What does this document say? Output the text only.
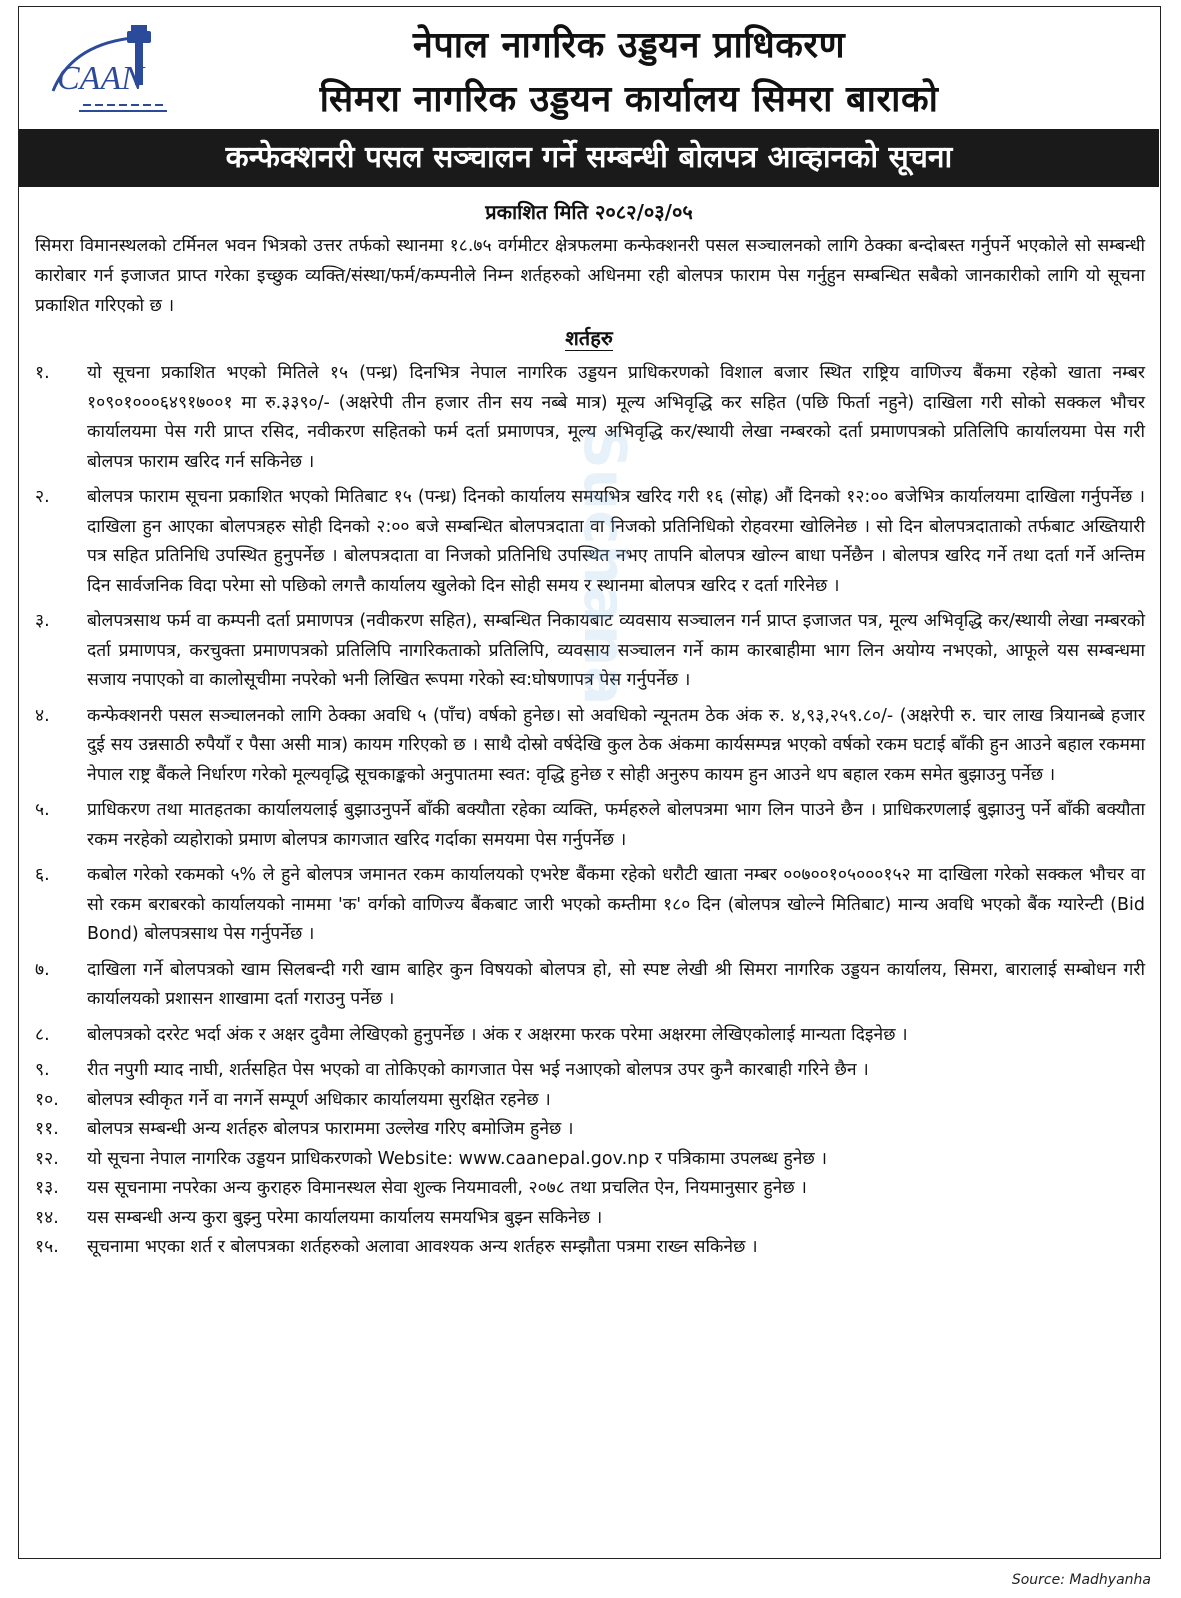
CAAN
नेपाल नागरिक उड्डयन प्राधिकरण
सिमरा नागरिक उड्डयन कार्यालय सिमरा बाराको
कन्फेक्शनरी पसल सञ्चालन गर्ने सम्बन्धी बोलपत्र आव्हानको सूचना
प्रकाशित मिति २०८२/०३/०५
सिमरा विमानस्थलको टर्मिनल भवन भित्रको उत्तर तर्फको स्थानमा १८.७५ वर्गमीटर क्षेत्रफलमा कन्फेक्शनरी पसल सञ्चालनको लागि ठेक्का बन्दोबस्त गर्नुपर्ने भएकोले सो सम्बन्धी कारोबार गर्न इजाजत प्राप्त गरेका इच्छुक व्यक्ति/संस्था/फर्म/कम्पनीले निम्न शर्तहरुको अधिनमा रही बोलपत्र फाराम पेस गर्नुहुन सम्बन्धित सबैको जानकारीको लागि यो सूचना प्रकाशित गरिएको छ ।
शर्तहरु
१.	यो सूचना प्रकाशित भएको मितिले १५ (पन्ध्र) दिनभित्र नेपाल नागरिक उड्डयन प्राधिकरणको विशाल बजार स्थित राष्ट्रिय वाणिज्य बैंकमा रहेको खाता नम्बर १०९०१०००६४९१७००१ मा रु.३३९०/- (अक्षरेपी तीन हजार तीन सय नब्बे मात्र) मूल्य अभिवृद्धि कर सहित (पछि फिर्ता नहुने) दाखिला गरी सोको सक्कल भौचर कार्यालयमा पेस गरी प्राप्त रसिद, नवीकरण सहितको फर्म दर्ता प्रमाणपत्र, मूल्य अभिवृद्धि कर/स्थायी लेखा नम्बरको दर्ता प्रमाणपत्रको प्रतिलिपि कार्यालयमा पेस गरी बोलपत्र फाराम खरिद गर्न सकिनेछ ।
२.	बोलपत्र फाराम सूचना प्रकाशित भएको मितिबाट १५ (पन्ध्र) दिनको कार्यालय समयभित्र खरिद गरी १६ (सोह्र) औं दिनको १२:०० बजेभित्र कार्यालयमा दाखिला गर्नुपर्नेछ । दाखिला हुन आएका बोलपत्रहरु सोही दिनको २:०० बजे सम्बन्धित बोलपत्रदाता वा निजको प्रतिनिधिको रोहवरमा खोलिनेछ । सो दिन बोलपत्रदाताको तर्फबाट अख्तियारी पत्र सहित प्रतिनिधि उपस्थित हुनुपर्नेछ । बोलपत्रदाता वा निजको प्रतिनिधि उपस्थित नभए तापनि बोलपत्र खोल्न बाधा पर्नेछैन । बोलपत्र खरिद गर्ने तथा दर्ता गर्ने अन्तिम दिन सार्वजनिक विदा परेमा सो पछिको लगत्तै कार्यालय खुलेको दिन सोही समय र स्थानमा बोलपत्र खरिद र दर्ता गरिनेछ ।
३.	बोलपत्रसाथ फर्म वा कम्पनी दर्ता प्रमाणपत्र (नवीकरण सहित), सम्बन्धित निकायबाट व्यवसाय सञ्चालन गर्न प्राप्त इजाजत पत्र, मूल्य अभिवृद्धि कर/स्थायी लेखा नम्बरको दर्ता प्रमाणपत्र, करचुक्ता प्रमाणपत्रको प्रतिलिपि नागरिकताको प्रतिलिपि, व्यवसाय सञ्चालन गर्ने काम कारबाहीमा भाग लिन अयोग्य नभएको, आफूले यस सम्बन्धमा सजाय नपाएको वा कालोसूचीमा नपरेको भनी लिखित रूपमा गरेको स्व:घोषणापत्र पेस गर्नुपर्नेछ ।
४.	कन्फेक्शनरी पसल सञ्चालनको लागि ठेक्का अवधि ५ (पाँच) वर्षको हुनेछ। सो अवधिको न्यूनतम ठेक अंक रु. ४,९३,२५९.८०/- (अक्षरेपी रु. चार लाख त्रियानब्बे हजार दुई सय उन्नसाठी रुपैयाँ र पैसा असी मात्र) कायम गरिएको छ । साथै दोस्रो वर्षदेखि कुल ठेक अंकमा कार्यसम्पन्न भएको वर्षको रकम घटाई बाँकी हुन आउने बहाल रकममा नेपाल राष्ट्र बैंकले निर्धारण गरेको मूल्यवृद्धि सूचकाङ्कको अनुपातमा स्वत: वृद्धि हुनेछ र सोही अनुरुप कायम हुन आउने थप बहाल रकम समेत बुझाउनु पर्नेछ ।
५.	प्राधिकरण तथा मातहतका कार्यालयलाई बुझाउनुपर्ने बाँकी बक्यौता रहेका व्यक्ति, फर्महरुले बोलपत्रमा भाग लिन पाउने छैन । प्राधिकरणलाई बुझाउनु पर्ने बाँकी बक्यौता रकम नरहेको व्यहोराको प्रमाण बोलपत्र कागजात खरिद गर्दाका समयमा पेस गर्नुपर्नेछ ।
६.	कबोल गरेको रकमको ५% ले हुने बोलपत्र जमानत रकम कार्यालयको एभरेष्ट बैंकमा रहेको धरौटी खाता नम्बर ००७००१०५०००१५२ मा दाखिला गरेको सक्कल भौचर वा सो रकम बराबरको कार्यालयको नाममा 'क' वर्गको वाणिज्य बैंकबाट जारी भएको कम्तीमा १८० दिन (बोलपत्र खोल्ने मितिबाट) मान्य अवधि भएको बैंक ग्यारेन्टी (Bid Bond) बोलपत्रसाथ पेस गर्नुपर्नेछ ।
७.	दाखिला गर्ने बोलपत्रको खाम सिलबन्दी गरी खाम बाहिर कुन विषयको बोलपत्र हो, सो स्पष्ट लेखी श्री सिमरा नागरिक उड्डयन कार्यालय, सिमरा, बारालाई सम्बोधन गरी कार्यालयको प्रशासन शाखामा दर्ता गराउनु पर्नेछ ।
८.	बोलपत्रको दररेट भर्दा अंक र अक्षर दुवैमा लेखिएको हुनुपर्नेछ । अंक र अक्षरमा फरक परेमा अक्षरमा लेखिएकोलाई मान्यता दिइनेछ ।
९.	रीत नपुगी म्याद नाघी, शर्तसहित पेस भएको वा तोकिएको कागजात पेस भई नआएको बोलपत्र उपर कुनै कारबाही गरिने छैन ।
१०.	बोलपत्र स्वीकृत गर्ने वा नगर्ने सम्पूर्ण अधिकार कार्यालयमा सुरक्षित रहनेछ ।
११.	बोलपत्र सम्बन्धी अन्य शर्तहरु बोलपत्र फाराममा उल्लेख गरिए बमोजिम हुनेछ ।
१२.	यो सूचना नेपाल नागरिक उड्डयन प्राधिकरणको Website: www.caanepal.gov.np र पत्रिकामा उपलब्ध हुनेछ ।
१३.	यस सूचनामा नपरेका अन्य कुराहरु विमानस्थल सेवा शुल्क नियमावली, २०७८ तथा प्रचलित ऐन, नियमानुसार हुनेछ ।
१४.	यस सम्बन्धी अन्य कुरा बुझ्नु परेमा कार्यालयमा कार्यालय समयभित्र बुझ्न सकिनेछ ।
१५.	सूचनामा भएका शर्त र बोलपत्रका शर्तहरुको अलावा आवश्यक अन्य शर्तहरु सम्झौता पत्रमा राख्न सकिनेछ ।
Suchana
Source: Madhyanha
